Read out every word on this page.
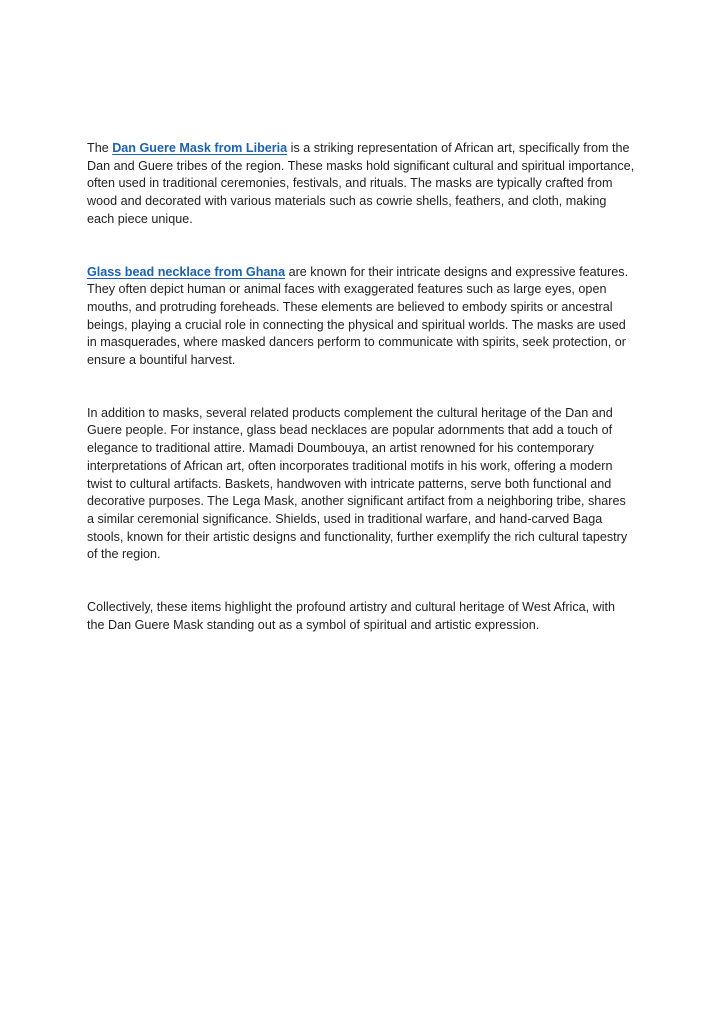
The Dan Guere Mask from Liberia is a striking representation of African art, specifically from the Dan and Guere tribes of the region. These masks hold significant cultural and spiritual importance, often used in traditional ceremonies, festivals, and rituals. The masks are typically crafted from wood and decorated with various materials such as cowrie shells, feathers, and cloth, making each piece unique.

Glass bead necklace from Ghana are known for their intricate designs and expressive features. They often depict human or animal faces with exaggerated features such as large eyes, open mouths, and protruding foreheads. These elements are believed to embody spirits or ancestral beings, playing a crucial role in connecting the physical and spiritual worlds. The masks are used in masquerades, where masked dancers perform to communicate with spirits, seek protection, or ensure a bountiful harvest.

In addition to masks, several related products complement the cultural heritage of the Dan and Guere people. For instance, glass bead necklaces are popular adornments that add a touch of elegance to traditional attire. Mamadi Doumbouya, an artist renowned for his contemporary interpretations of African art, often incorporates traditional motifs in his work, offering a modern twist to cultural artifacts. Baskets, handwoven with intricate patterns, serve both functional and decorative purposes. The Lega Mask, another significant artifact from a neighboring tribe, shares a similar ceremonial significance. Shields, used in traditional warfare, and hand-carved Baga stools, known for their artistic designs and functionality, further exemplify the rich cultural tapestry of the region.

Collectively, these items highlight the profound artistry and cultural heritage of West Africa, with the Dan Guere Mask standing out as a symbol of spiritual and artistic expression.
